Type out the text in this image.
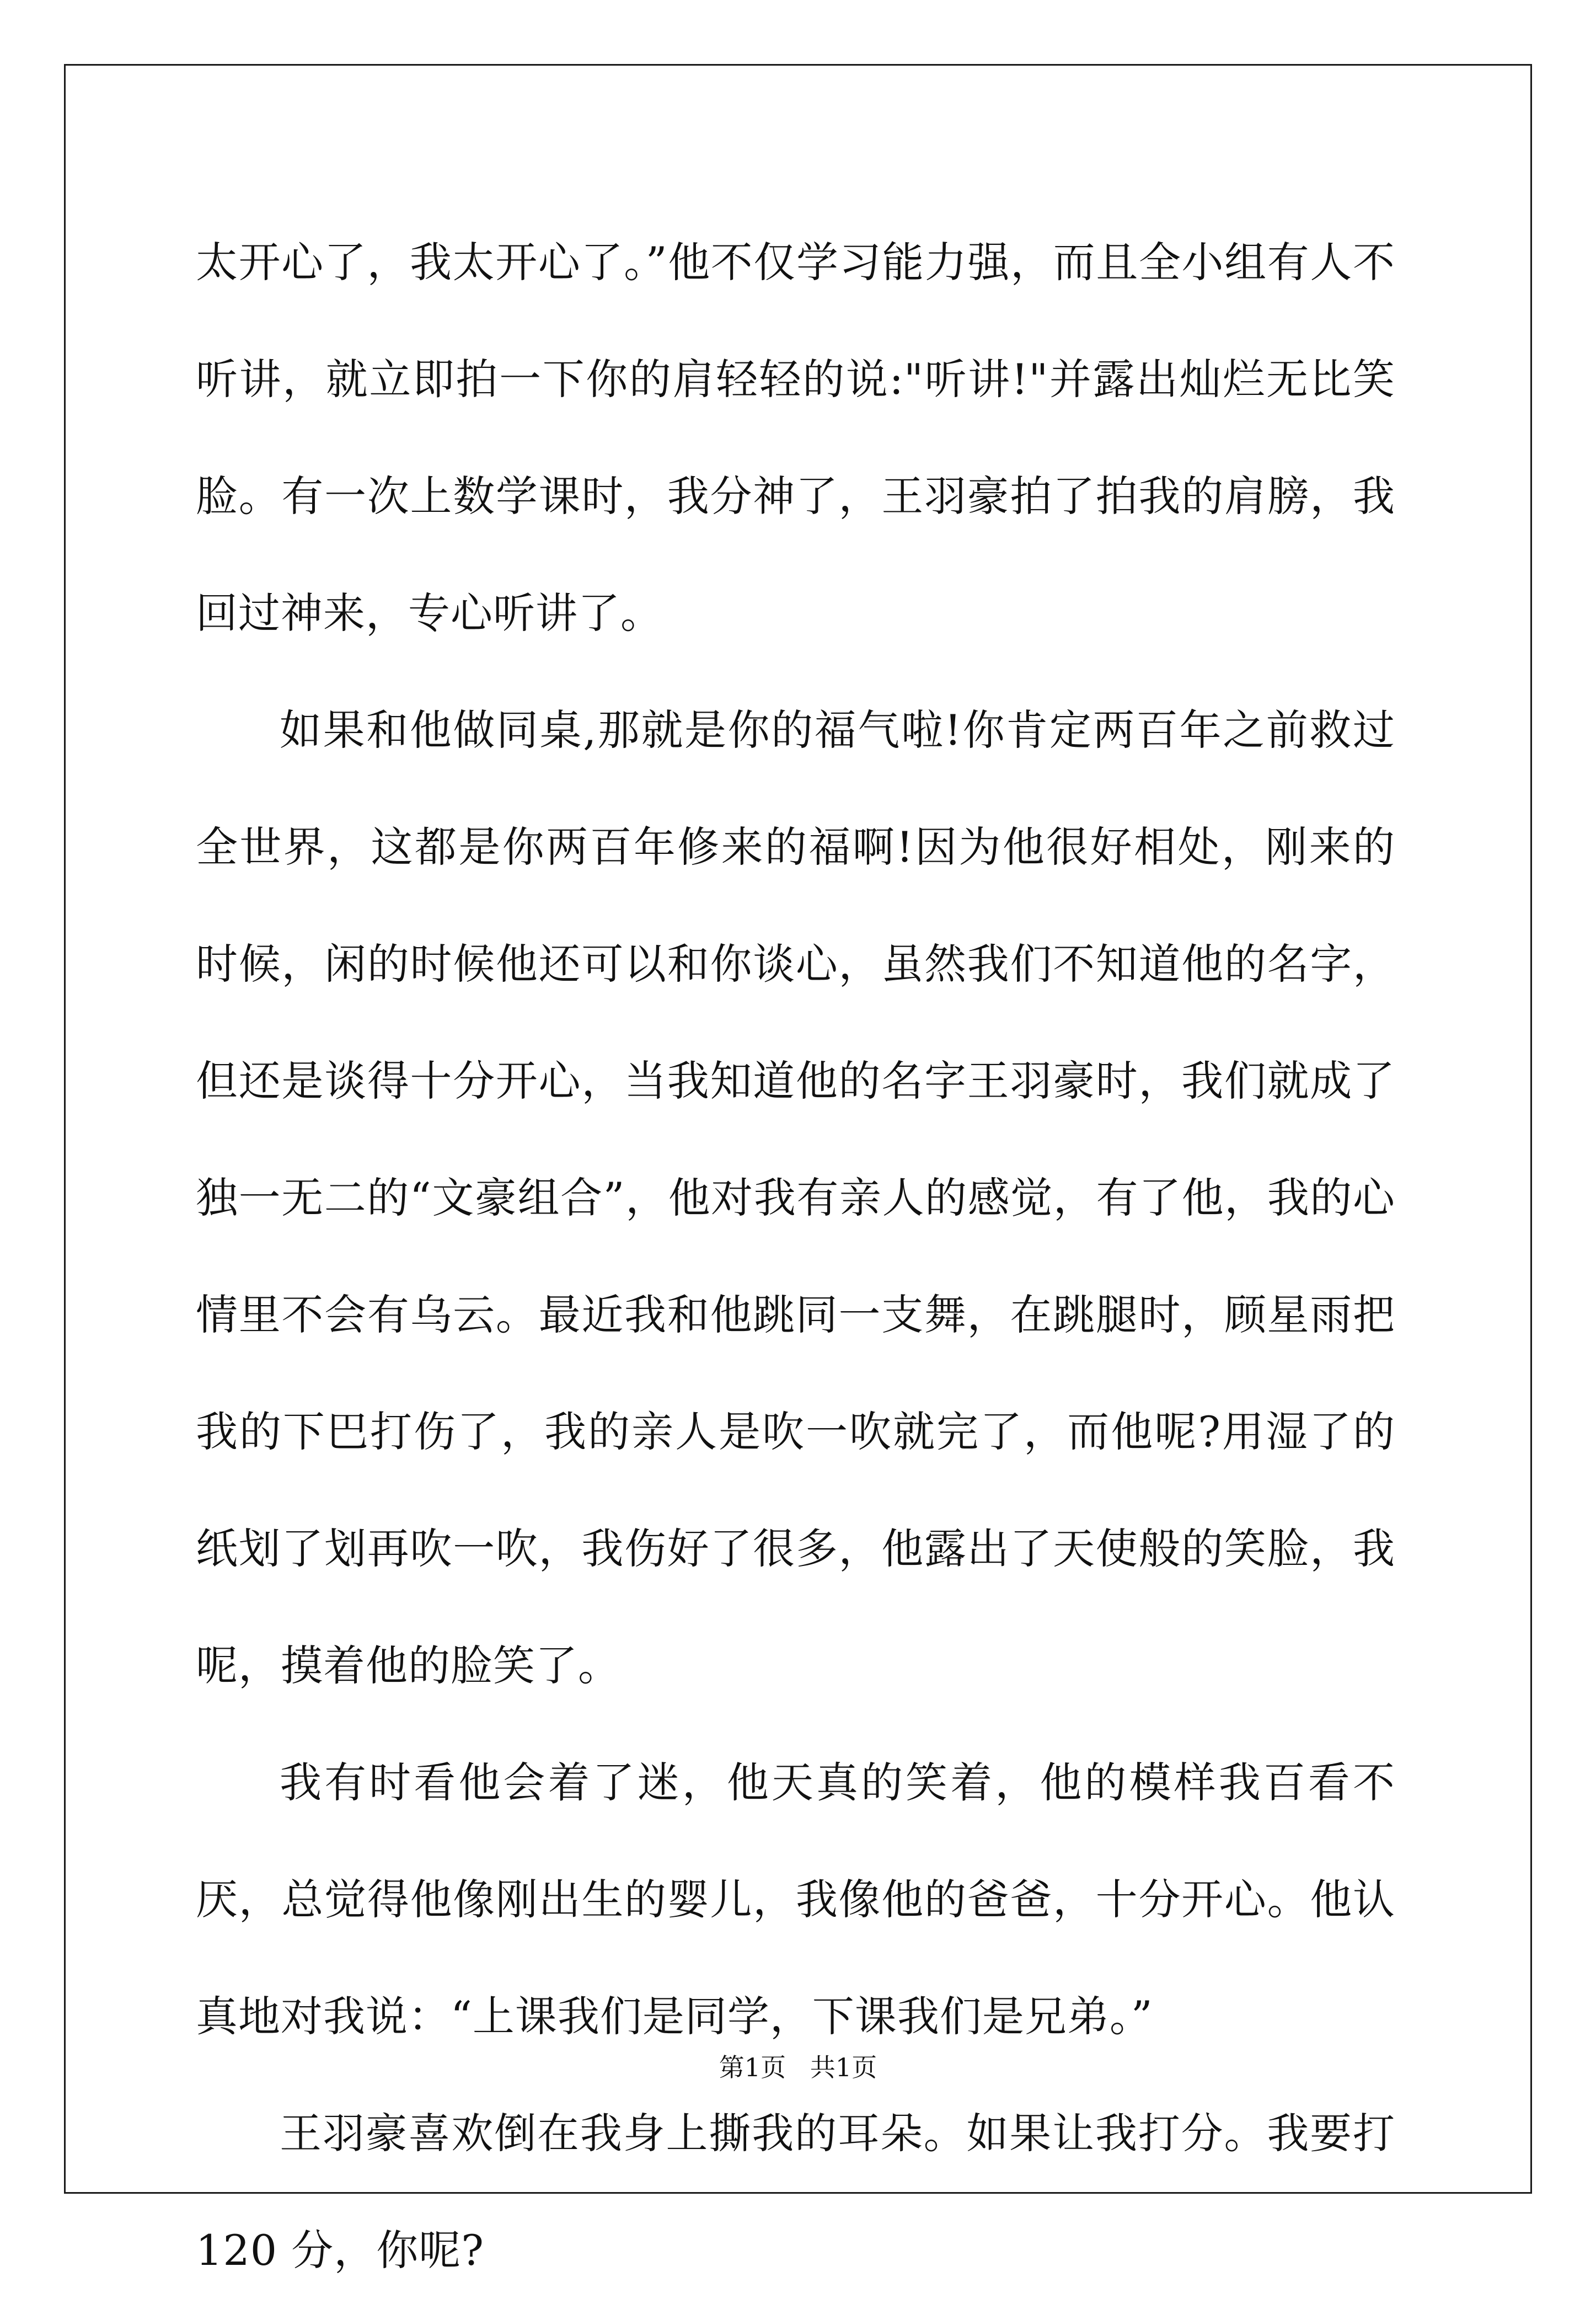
太开心了，我太开心了。”他不仅学习能力强，而且全小组有人不听讲，就立即拍一下你的肩轻轻的说:"听讲!"并露出灿烂无比笑脸。有一次上数学课时，我分神了，王羽豪拍了拍我的肩膀，我回过神来，专心听讲了。

如果和他做同桌,那就是你的福气啦!你肯定两百年之前救过全世界，这都是你两百年修来的福啊!因为他很好相处，刚来的时候，闲的时候他还可以和你谈心，虽然我们不知道他的名字，但还是谈得十分开心，当我知道他的名字王羽豪时，我们就成了独一无二的“文豪组合”，他对我有亲人的感觉，有了他，我的心情里不会有乌云。最近我和他跳同一支舞，在跳腿时，顾星雨把我的下巴打伤了，我的亲人是吹一吹就完了，而他呢?用湿了的纸划了划再吹一吹，我伤好了很多，他露出了天使般的笑脸，我呢，摸着他的脸笑了。

我有时看他会着了迷，他天真的笑着，他的模样我百看不厌，总觉得他像刚出生的婴儿，我像他的爸爸，十分开心。他认真地对我说：“上课我们是同学，下课我们是兄弟。”

王羽豪喜欢倒在我身上撕我的耳朵。如果让我打分。我要打 120 分，你呢?

第1页   共1页
